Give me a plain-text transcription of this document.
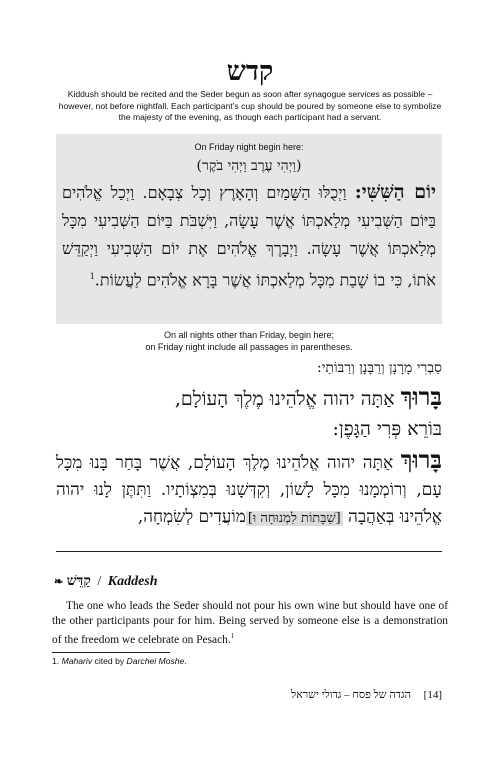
קדש
Kiddush should be recited and the Seder begun as soon after synagogue services as possible – however, not before nightfall. Each participant’s cup should be poured by someone else to symbolize the majesty of the evening, as though each participant had a servant.
On Friday night begin here:
(וַיְהִי עֶרֶב וַיְהִי בֹקֶר)
יוֹם הַשִּׁשִּׁי: וַיְכֻלּוּ הַשָּׁמַיִם וְהָאָרֶץ וְכָל צְבָאָם. וַיְכַל אֱלֹהִים בַּיּוֹם הַשְּׁבִיעִי מְלַאכְתּוֹ אֲשֶׁר עָשָׂה, וַיִּשְׁבֹּת בַּיּוֹם הַשְּׁבִיעִי מִכָּל מְלַאכְתּוֹ אֲשֶׁר עָשָׂה. וַיְבָרֶךְ אֱלֹהִים אֶת יוֹם הַשְּׁבִיעִי וַיְקַדֵּשׁ אֹתוֹ, כִּי בוֹ שָׁבַת מִכָּל מְלַאכְתּוֹ אֲשֶׁר בָּרָא אֱלֹהִים לַעֲשׂוֹת.$^1$
On all nights other than Friday, begin here;
on Friday night include all passages in parentheses.
סַבְרִי מָרָנָן וְרַבָּנָן וְרַבּוֹתַי:
בָּרוּךְ אַתָּה יהוה אֱלֹהֵינוּ מֶלֶךְ הָעוֹלָם,
בּוֹרֵא פְּרִי הַגָּפֶן:
בָּרוּךְ אַתָּה יהוה אֱלֹהֵינוּ מֶלֶךְ הָעוֹלָם, אֲשֶׁר בָּחַר בָּנוּ מִכָּל עָם, וְרוֹמְמָנוּ מִכָּל לָשׁוֹן, וְקִדְּשָׁנוּ בְּמִצְוֹתָיו. וַתִּתֶּן לָנוּ יהוה אֱלֹהֵינוּ בְּאַהֲבָה [שַׁבָּתוֹת לִמְנוּחָה וּ]מוֹעֲדִים לְשִׂמְחָה,
❧ קַדֵּשׁ / Kaddesh
The one who leads the Seder should not pour his own wine but should have one of the other participants pour for him. Being served by someone else is a demonstration of the freedom we celebrate on Pesach.$^1$
1. Mahariv cited by Darchei Moshe.
הגדה של פסח – גדולי ישראל [14]
